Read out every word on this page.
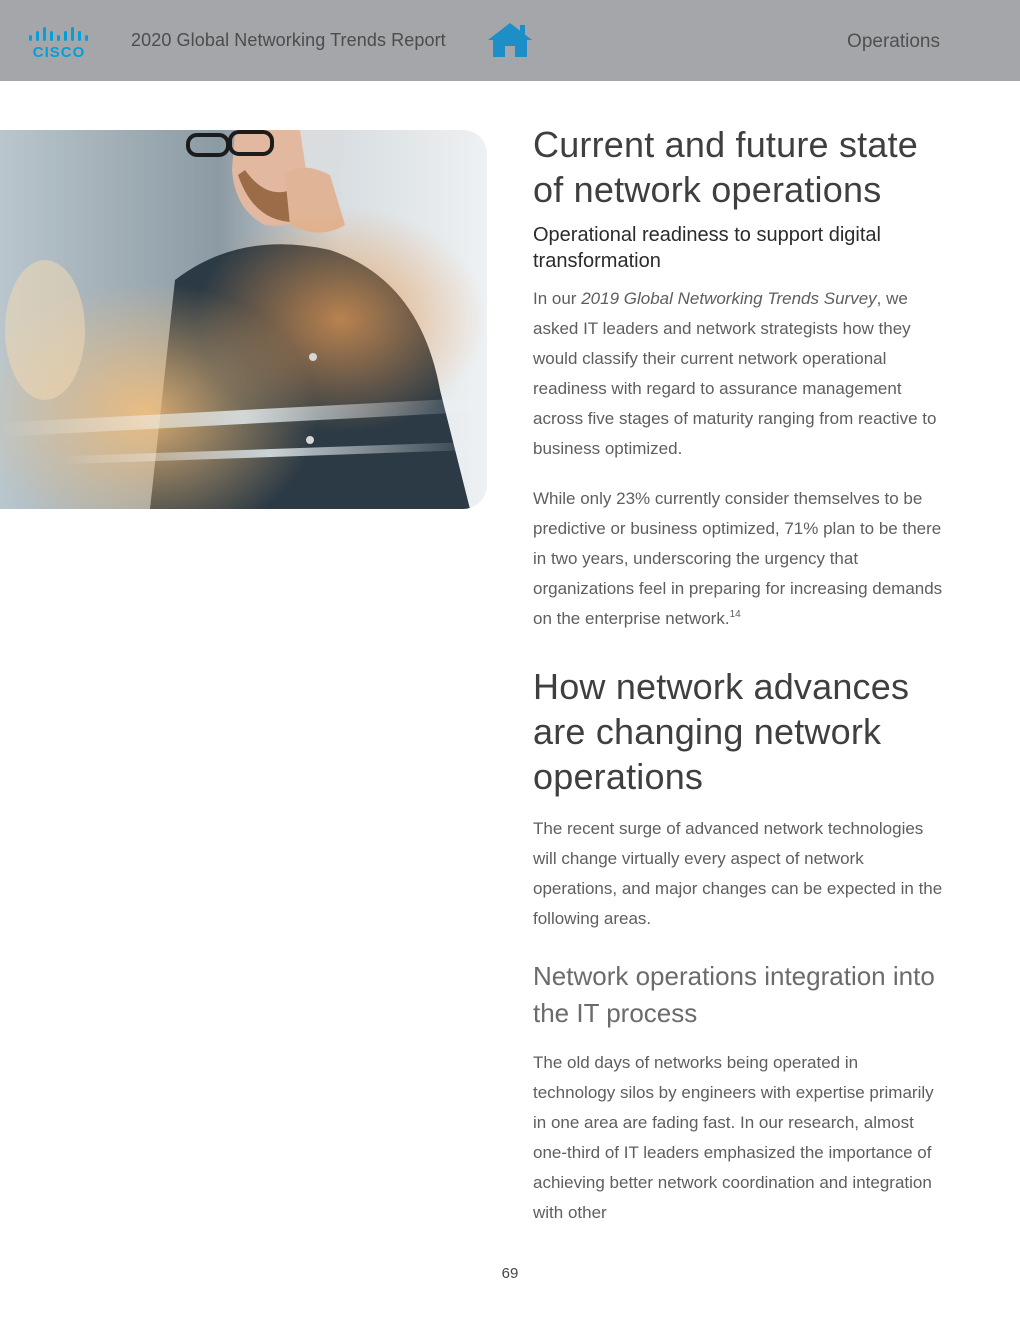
CISCO
2020 Global Networking Trends Report	Operations
Current and future state of network operations
Operational readiness to support digital transformation

In our 2019 Global Networking Trends Survey, we asked IT leaders and network strategists how they would classify their current network operational readiness with regard to assurance management across five stages of maturity ranging from reactive to business optimized.

While only 23% currently consider themselves to be predictive or business optimized, 71% plan to be there in two years, underscoring the urgency that organizations feel in preparing for increasing demands on the enterprise network.$^{14}$

How network advances are changing network operations

The recent surge of advanced network technologies will change virtually every aspect of network operations, and major changes can be expected in the following areas.

Network operations integration into the IT process

The old days of networks being operated in technology silos by engineers with expertise primarily in one area are fading fast. In our research, almost one-third of IT leaders emphasized the importance of achieving better network coordination and integration with other

69
